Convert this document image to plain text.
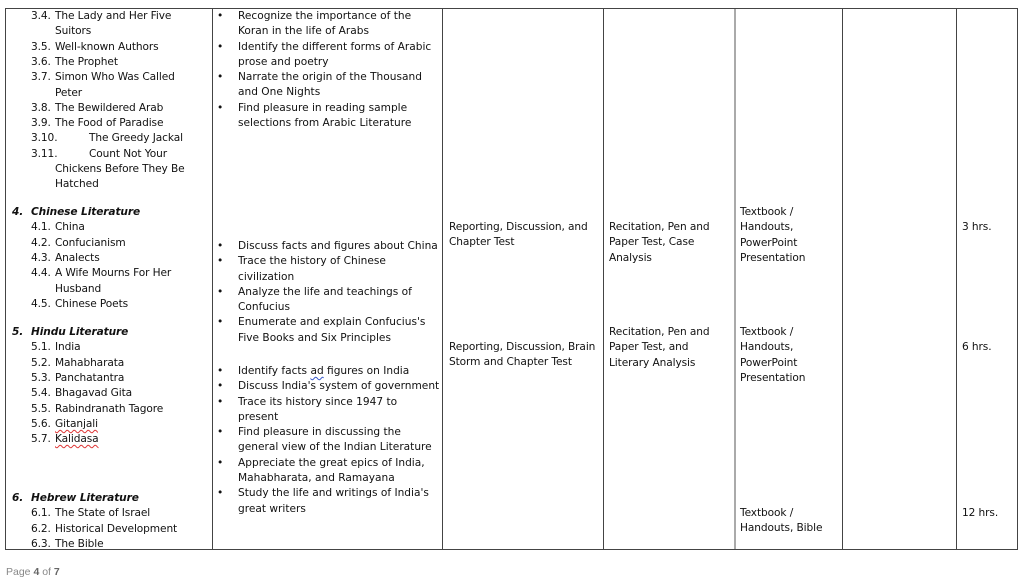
3.4. The Lady and Her Five
Suitors
3.5. Well-known Authors
3.6. The Prophet
3.7. Simon Who Was Called
Peter
3.8. The Bewildered Arab
3.9. The Food of Paradise
3.10.	The Greedy Jackal
3.11.	Count Not Your
Chickens Before They Be
Hatched
4. Chinese Literature
4.1. China
4.2. Confucianism
4.3. Analects
4.4. A Wife Mourns For Her
Husband
4.5. Chinese Poets
5. Hindu Literature
5.1. India
5.2. Mahabharata
5.3. Panchatantra
5.4. Bhagavad Gita
5.5. Rabindranath Tagore
5.6. Gitanjali
5.7. Kalidasa
6. Hebrew Literature
6.1. The State of Israel
6.2. Historical Development
6.3. The Bible
• Recognize the importance of the
Koran in the life of Arabs
• Identify the different forms of Arabic
prose and poetry
• Narrate the origin of the Thousand
and One Nights
• Find pleasure in reading sample
selections from Arabic Literature
• Discuss facts and figures about China
• Trace the history of Chinese
civilization
• Analyze the life and teachings of
Confucius
• Enumerate and explain Confucius's
Five Books and Six Principles
• Identify facts ad figures on India
• Discuss India's system of government
• Trace its history since 1947 to
present
• Find pleasure in discussing the
general view of the Indian Literature
• Appreciate the great epics of India,
Mahabharata, and Ramayana
• Study the life and writings of India's
great writers
Reporting, Discussion, and
Chapter Test
Reporting, Discussion, Brain
Storm and Chapter Test
Recitation, Pen and
Paper Test, Case
Analysis
Recitation, Pen and
Paper Test, and
Literary Analysis
Textbook /
Handouts,
PowerPoint
Presentation
Textbook /
Handouts,
PowerPoint
Presentation
Textbook /
Handouts, Bible
3 hrs.
6 hrs.
12 hrs.
Page 4 of 7
